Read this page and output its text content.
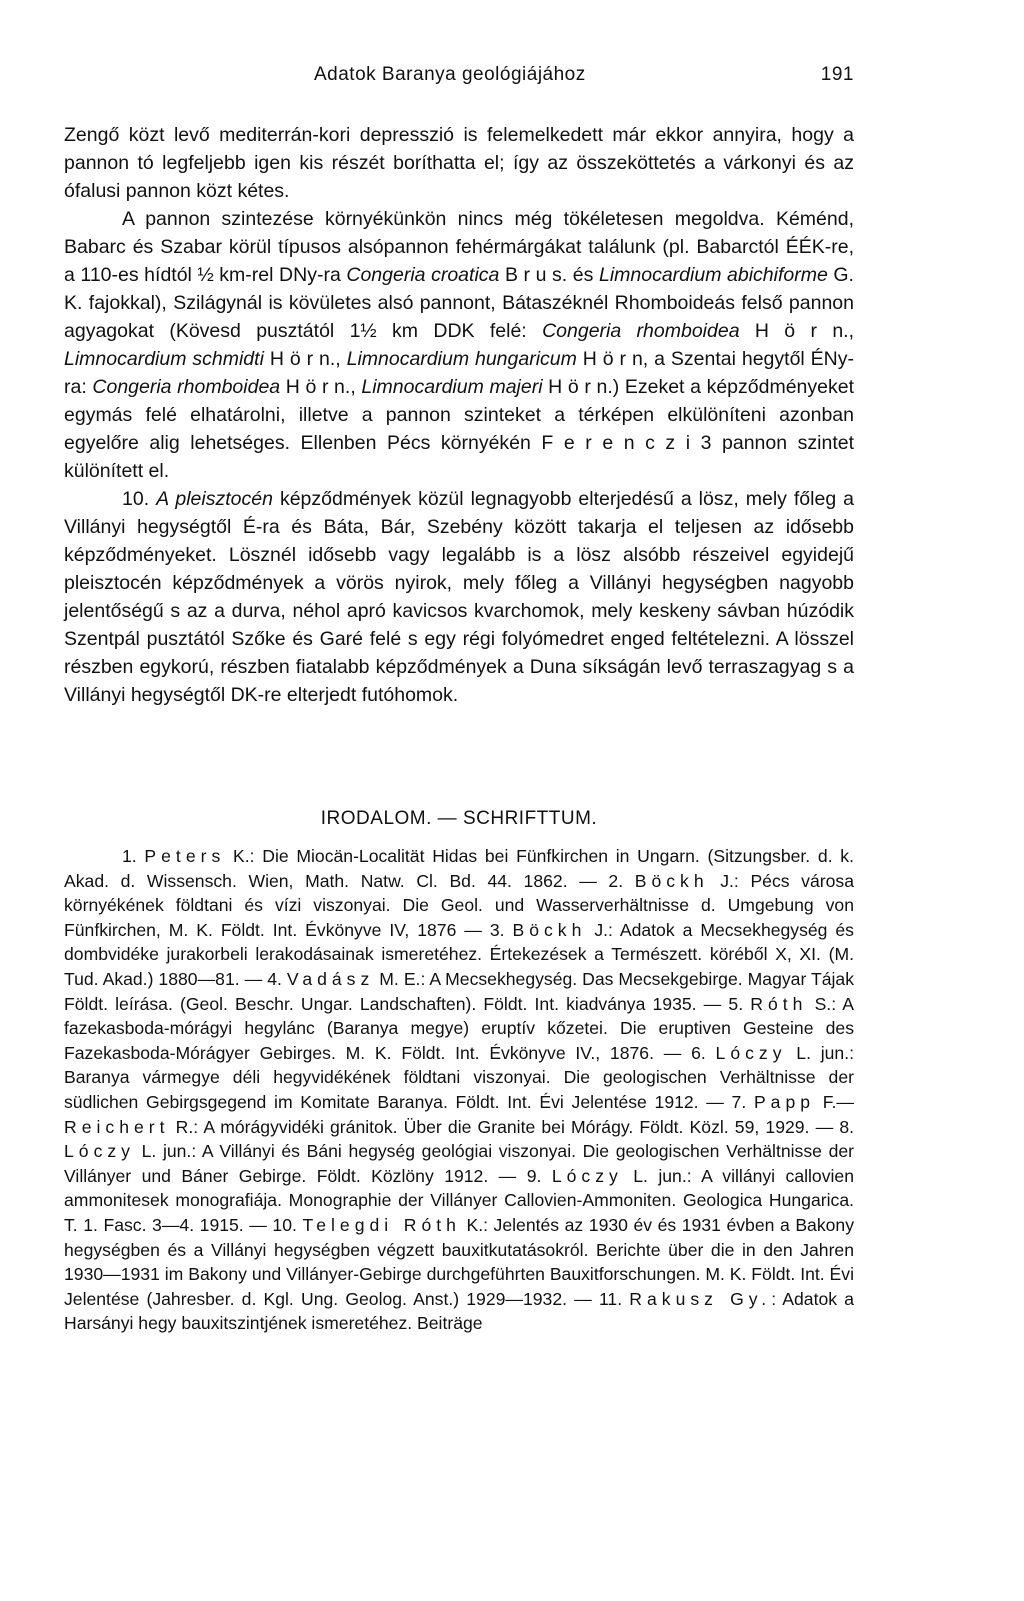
Adatok Baranya geológiájához	191

Zengő közt levő mediterrán-kori depresszió is felemelkedett már ekkor annyira, hogy a pannon tó legfeljebb igen kis részét boríthatta el; így az összeköttetés a várkonyi és az ófalusi pannon közt kétes.

A pannon szintezése környékünkön nincs még tökéletesen megoldva. Kéménd, Babarc és Szabar körül típusos alsópannon fehérmárgákat találunk (pl. Babarctól ÉÉK-re, a 110-es hídtól ½ km-rel DNy-ra Congeria croatica B r u s. és Limnocardium abichiforme G. K. fajokkal), Szilágynál is kövületes alsó pannont, Bátaszéknél Rhomboideás felső pannon agyagokat (Kövesd pusztától 1½ km DDK felé: Congeria rhomboidea H ö r n., Limnocardium schmidti H ö r n., Limnocardium hungaricum H ö r n, a Szentai hegytől ÉNy-ra: Congeria rhomboidea H ö r n., Limnocardium majeri H ö r n.) Ezeket a képződményeket egymás felé elhatárolni, illetve a pannon szinteket a térképen elkülöníteni azonban egyelőre alig lehetséges. Ellenben Pécs környékén F e r e n c z i 3 pannon szintet különített el.

10. A pleisztocén képződmények közül legnagyobb elterjedésű a lösz, mely főleg a Villányi hegységtől É-ra és Báta, Bár, Szebény között takarja el teljesen az idősebb képződményeket. Lösznél idősebb vagy legalább is a lösz alsóbb részeivel egyidejű pleisztocén képződmények a vörös nyirok, mely főleg a Villányi hegységben nagyobb jelentőségű s az a durva, néhol apró kavicsos kvarchomok, mely keskeny sávban húzódik Szentpál pusztától Szőke és Garé felé s egy régi folyómedret enged feltételezni. A lösszel részben egykorú, részben fiatalabb képződmények a Duna síkságán levő terraszagyag s a Villányi hegységtől DK-re elterjedt futóhomok.

IRODALOM. — SCHRIFTTUM.
1. Peters K.: Die Miocän-Localität Hidas bei Fünfkirchen in Ungarn. (Sitzungsber. d. k. Akad. d. Wissensch. Wien, Math. Natw. Cl. Bd. 44. 1862. — 2. Böckh J.: Pécs városa környékének földtani és vízi viszonyai. Die Geol. und Wasserverhältnisse d. Umgebung von Fünfkirchen, M. K. Földt. Int. Évkönyve IV, 1876 — 3. Böckh J.: Adatok a Mecsekhegység és dombvidéke jurakorbeli lerakodásainak ismeretéhez. Értekezések a Természett. köréből X, XI. (M. Tud. Akad.) 1880—81. — 4. Vadász M. E.: A Mecsekhegység. Das Mecsekgebirge. Magyar Tájak Földt. leírása. (Geol. Beschr. Ungar. Landschaften). Földt. Int. kiadványa 1935. — 5. Róth S.: A fazekasboda-mórágyi hegylánc (Baranya megye) eruptív kőzetei. Die eruptiven Gesteine des Fazekasboda-Mórágyer Gebirges. M. K. Földt. Int. Évkönyve IV., 1876. — 6. Lóczy L. jun.: Baranya vármegye déli hegyvidékének földtani viszonyai. Die geologischen Verhältnisse der südlichen Gebirgsgegend im Komitate Baranya. Földt. Int. Évi Jelentése 1912. — 7. Papp F.—Reichert R.: A mórágyvidéki gránitok. Über die Granite bei Mórágy. Földt. Közl. 59, 1929. — 8. Lóczy L. jun.: A Villányi és Báni hegység geológiai viszonyai. Die geologischen Verhältnisse der Villányer und Báner Gebirge. Földt. Közlöny 1912. — 9. Lóczy L. jun.: A villányi callovien ammonitesek monografiája. Monographie der Villányer Callovien-Ammoniten. Geologica Hungarica. T. 1. Fasc. 3—4. 1915. — 10. Telegdi Róth K.: Jelentés az 1930 év és 1931 évben a Bakony hegységben és a Villányi hegységben végzett bauxitkutatásokról. Berichte über die in den Jahren 1930—1931 im Bakony und Villányer-Gebirge durchgeführten Bauxitforschungen. M. K. Földt. Int. Évi Jelentése (Jahresber. d. Kgl. Ung. Geolog. Anst.) 1929—1932. — 11. Rakusz Gy.: Adatok a Harsányi hegy bauxitszintjének ismeretéhez. Beiträge
